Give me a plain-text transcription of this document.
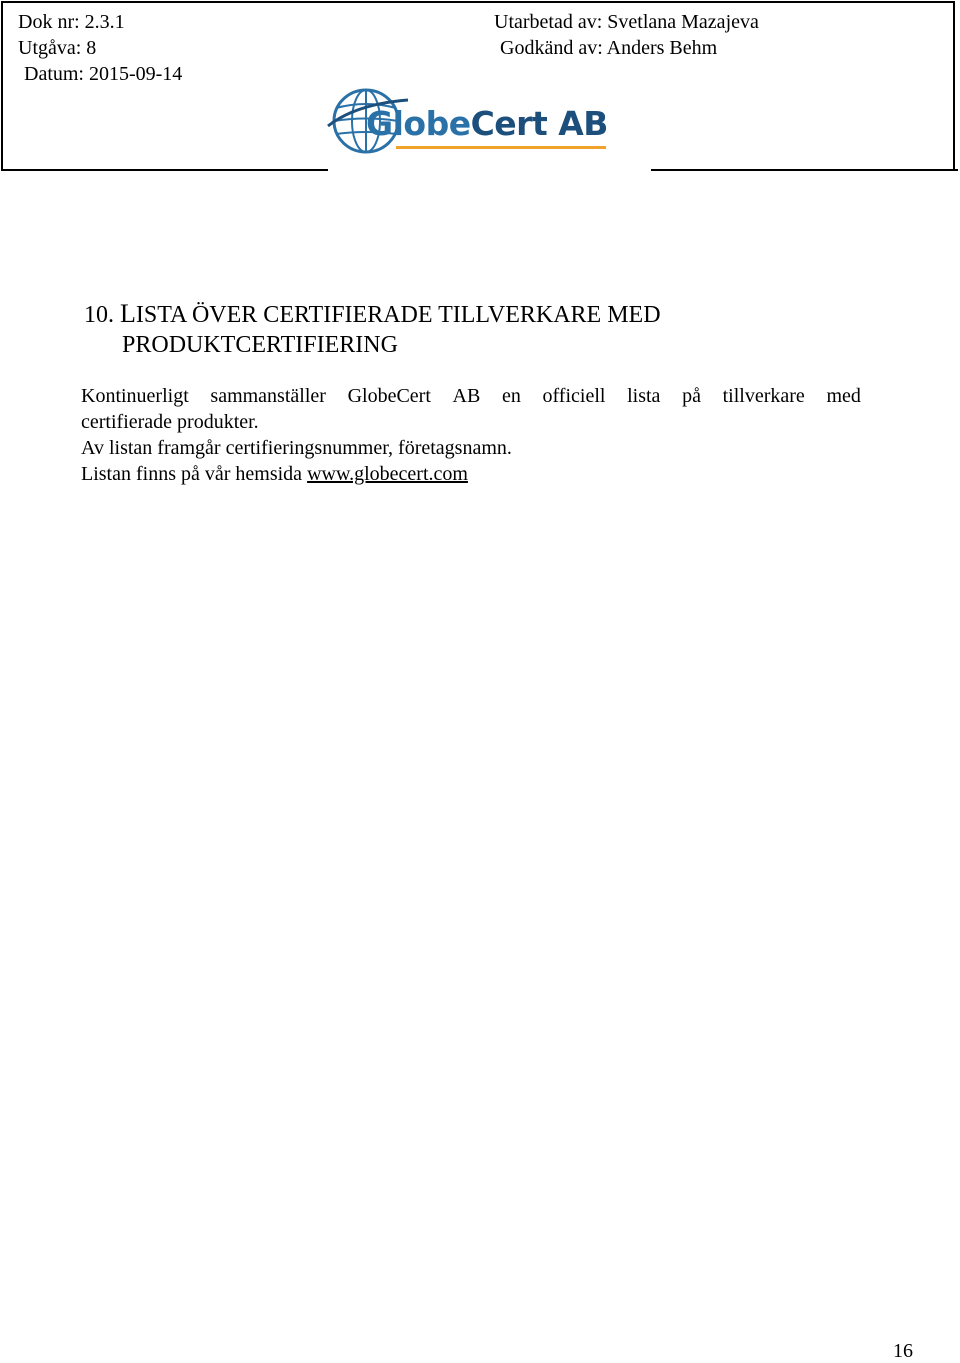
Dok nr: 2.3.1
Utgåva: 8
Datum: 2015-09-14
Utarbetad av: Svetlana Mazajeva
Godkänd av: Anders Behm
GlobeCert AB
10. LISTA ÖVER CERTIFIERADE TILLVERKARE MED
PRODUKTCERTIFIERING
Kontinuerligt sammanställer GlobeCert AB en officiell lista på tillverkare med
certifierade produkter.
Av listan framgår certifieringsnummer, företagsnamn.
Listan finns på vår hemsida www.globecert.com
16
